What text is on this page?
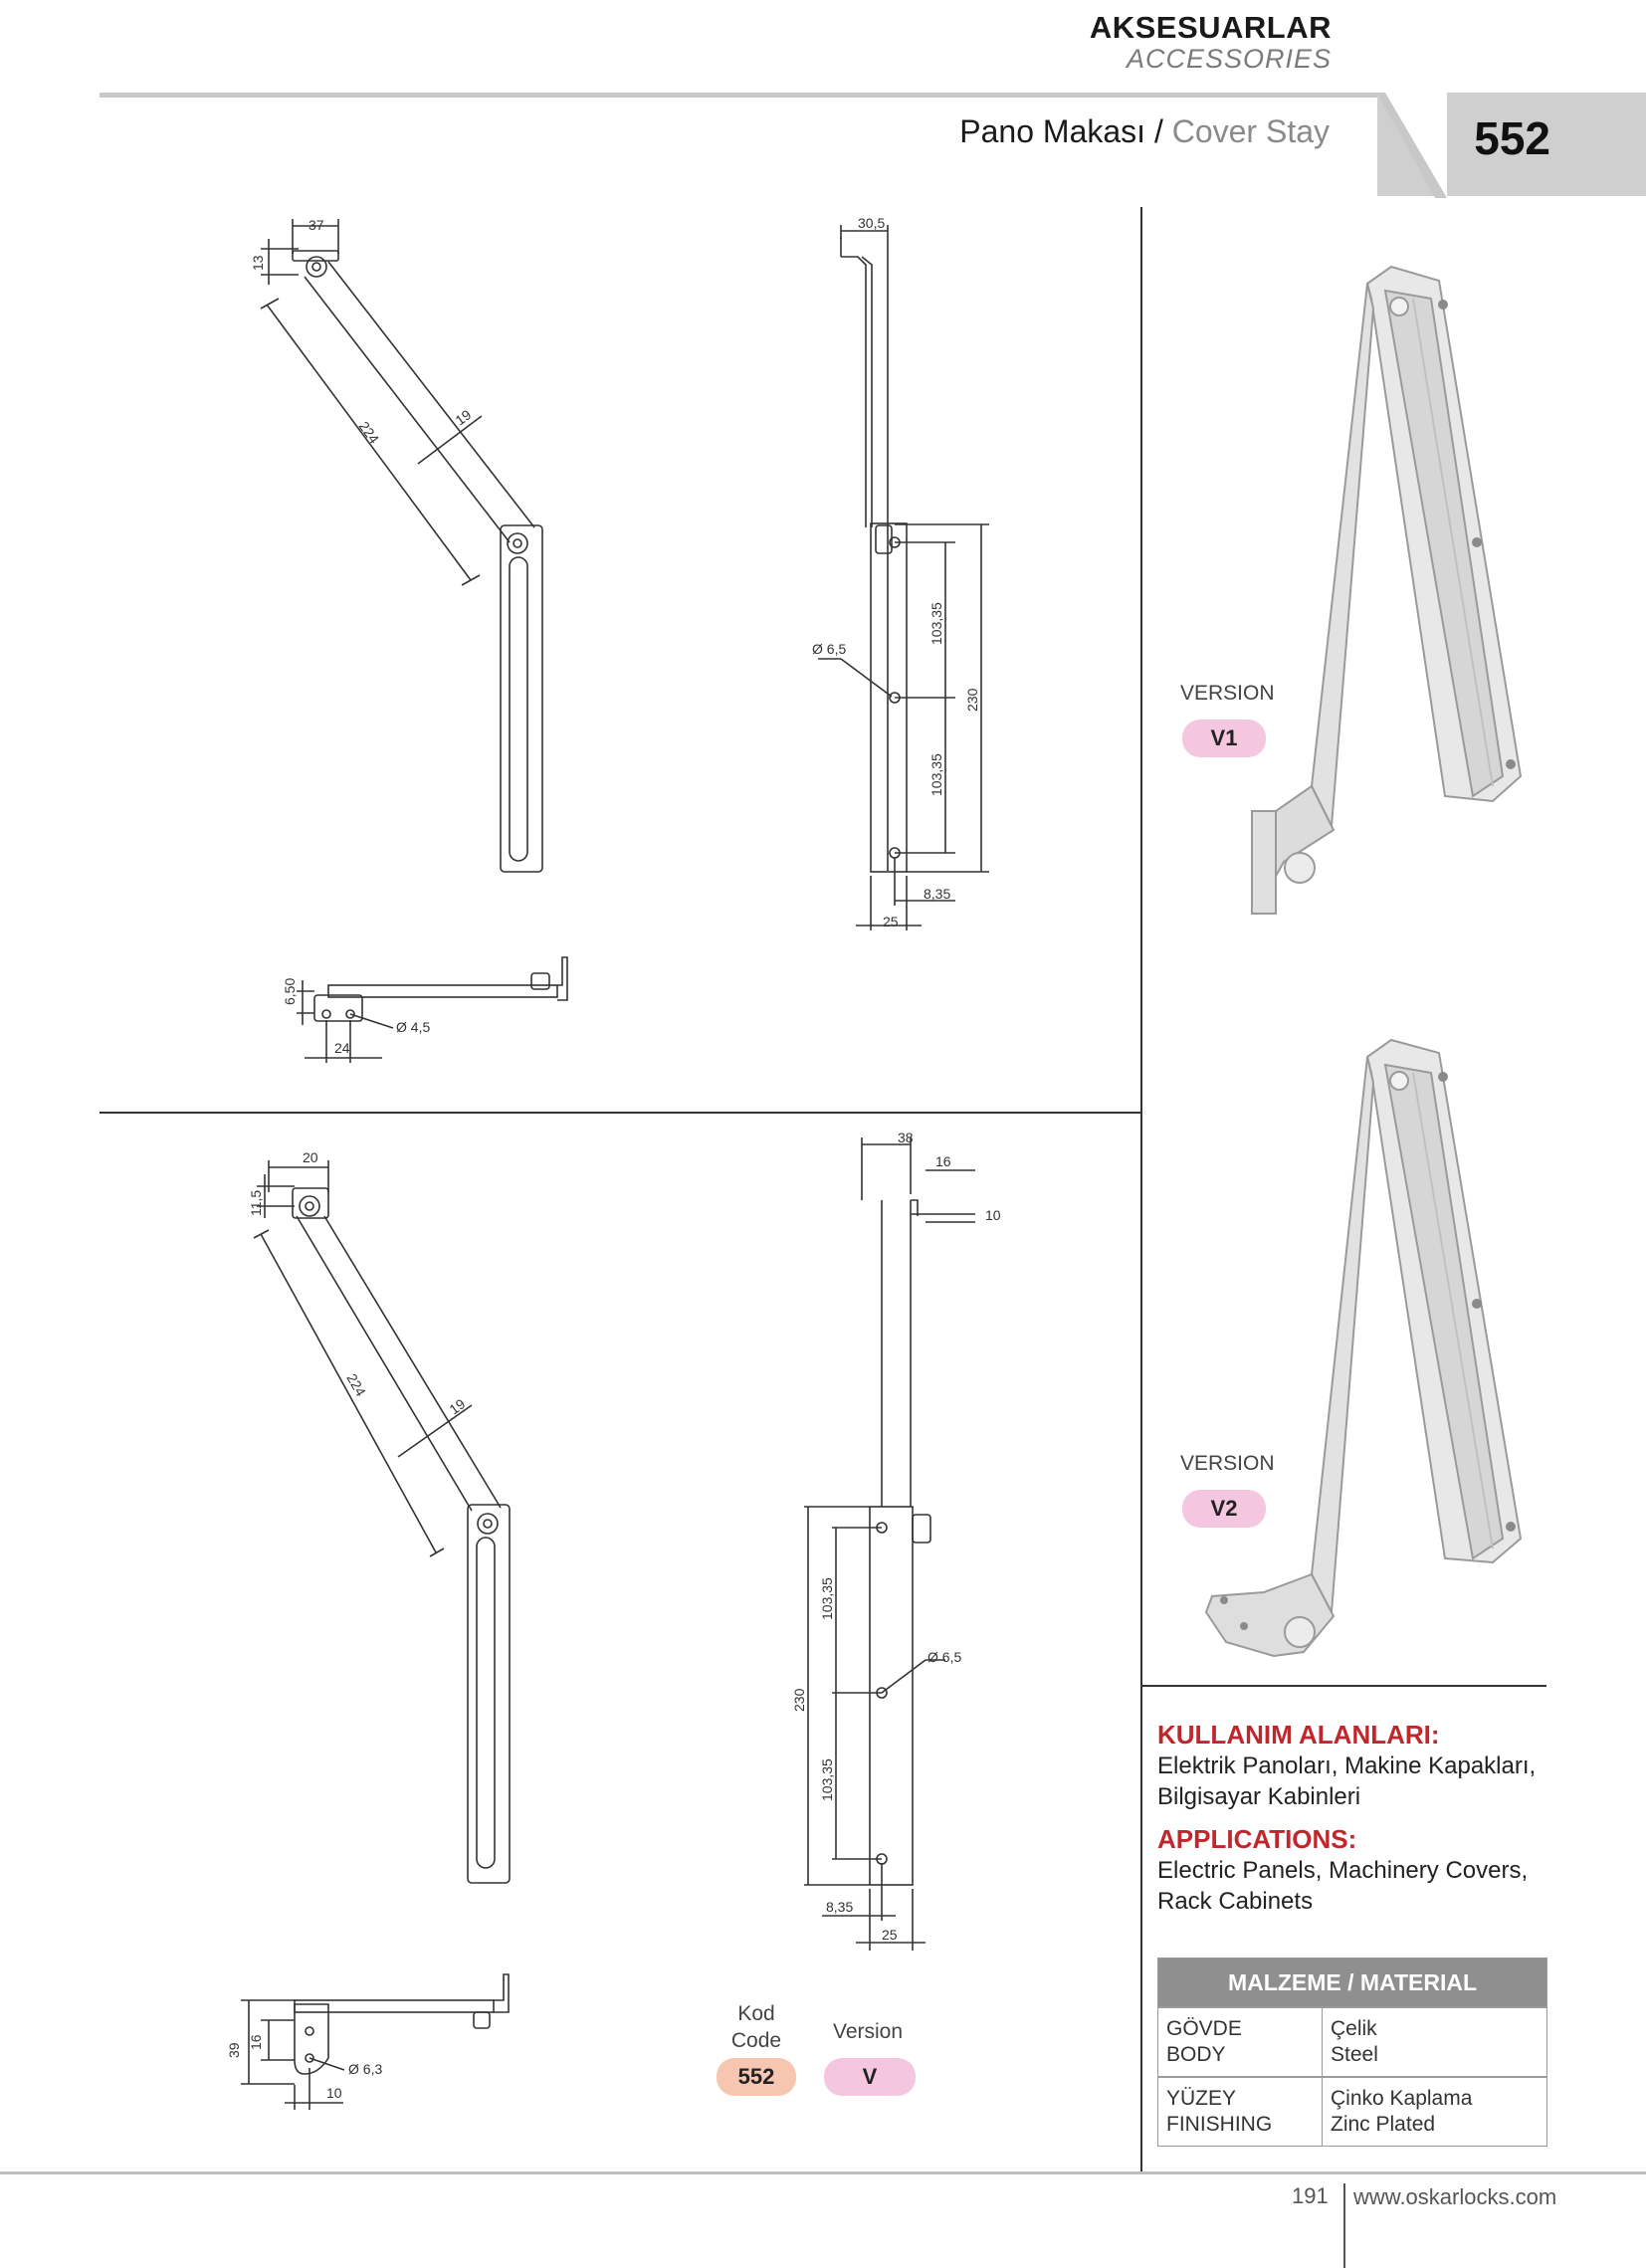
AKSESUARLAR
ACCESSORIES
552
Pano Makası / Cover Stay
37
13
224
19
30,5
Ø 6,5
103,35
103,35
230
8,35
25
6,50
Ø 4,5
24
20
11,5
224
19
38
16
10
103,35
103,35
230
Ø 6,5
8,35
25
39
16
Ø 6,3
10
VERSION
V1
VERSION
V2
Kod
Code
552
Version
V
KULLANIM ALANLARI:
Elektrik Panoları, Makine Kapakları,
Bilgisayar Kabinleri
APPLICATIONS:
Electric Panels, Machinery Covers,
Rack Cabinets
MALZEME / MATERIAL
GÖVDE
BODY
Çelik
Steel
YÜZEY
FINISHING
Çinko Kaplama
Zinc Plated
191 www.oskarlocks.com
